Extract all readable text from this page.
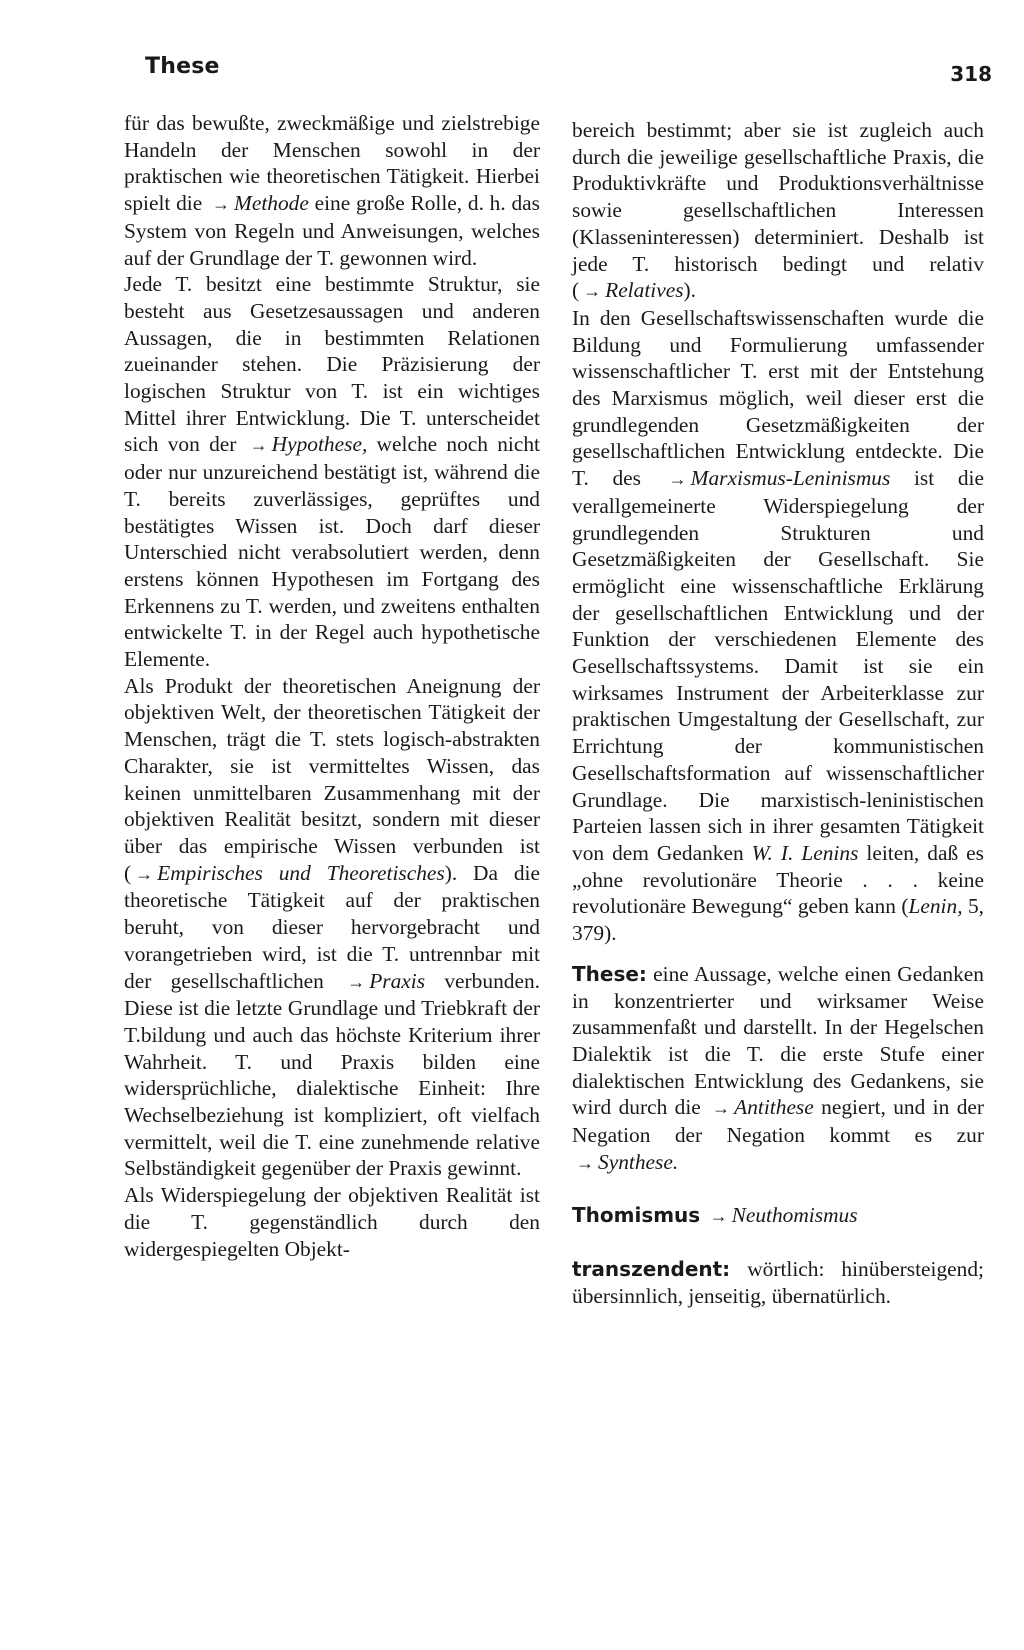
These	318

für das bewußte, zweckmäßige und zielstrebige Handeln der Menschen sowohl in der praktischen wie theoretischen Tätigkeit. Hierbei spielt die → Methode eine große Rolle, d. h. das System von Regeln und Anweisungen, welches auf der Grundlage der T. gewonnen wird.

Jede T. besitzt eine bestimmte Struktur, sie besteht aus Gesetzesaussagen und anderen Aussagen, die in bestimmten Relationen zueinander stehen. Die Präzisierung der logischen Struktur von T. ist ein wichtiges Mittel ihrer Entwicklung. Die T. unterscheidet sich von der → Hypothese, welche noch nicht oder nur unzureichend bestätigt ist, während die T. bereits zuverlässiges, geprüftes und bestätigtes Wissen ist. Doch darf dieser Unterschied nicht verabsolutiert werden, denn erstens können Hypothesen im Fortgang des Erkennens zu T. werden, und zweitens enthalten entwickelte T. in der Regel auch hypothetische Elemente.

Als Produkt der theoretischen Aneignung der objektiven Welt, der theoretischen Tätigkeit der Menschen, trägt die T. stets logisch-abstrakten Charakter, sie ist vermitteltes Wissen, das keinen unmittelbaren Zusammenhang mit der objektiven Realität besitzt, sondern mit dieser über das empirische Wissen verbunden ist ( → Empirisches und Theoretisches). Da die theoretische Tätigkeit auf der praktischen beruht, von dieser hervorgebracht und vorangetrieben wird, ist die T. untrennbar mit der gesellschaftlichen → Praxis verbunden. Diese ist die letzte Grundlage und Triebkraft der T.bildung und auch das höchste Kriterium ihrer Wahrheit. T. und Praxis bilden eine widersprüchliche, dialektische Einheit: Ihre Wechselbeziehung ist kompliziert, oft vielfach vermittelt, weil die T. eine zunehmende relative Selbständigkeit gegenüber der Praxis gewinnt.

Als Widerspiegelung der objektiven Realität ist die T. gegenständlich durch den widergespiegelten Objekt-

bereich bestimmt; aber sie ist zugleich auch durch die jeweilige gesellschaftliche Praxis, die Produktivkräfte und Produktionsverhältnisse sowie gesellschaftlichen Interessen (Klasseninteressen) determiniert. Deshalb ist jede T. historisch bedingt und relativ ( → Relatives).

In den Gesellschaftswissenschaften wurde die Bildung und Formulierung umfassender wissenschaftlicher T. erst mit der Entstehung des Marxismus möglich, weil dieser erst die grundlegenden Gesetzmäßigkeiten der gesellschaftlichen Entwicklung entdeckte. Die T. des → Marxismus-Leninismus ist die verallgemeinerte Widerspiegelung der grundlegenden Strukturen und Gesetzmäßigkeiten der Gesellschaft. Sie ermöglicht eine wissenschaftliche Erklärung der gesellschaftlichen Entwicklung und der Funktion der verschiedenen Elemente des Gesellschaftssystems. Damit ist sie ein wirksames Instrument der Arbeiterklasse zur praktischen Umgestaltung der Gesellschaft, zur Errichtung der kommunistischen Gesellschaftsformation auf wissenschaftlicher Grundlage. Die marxistisch-leninistischen Parteien lassen sich in ihrer gesamten Tätigkeit von dem Gedanken W. I. Lenins leiten, daß es „ohne revolutionäre Theorie . . . keine revolutionäre Bewegung“ geben kann (Lenin, 5, 379).

These: eine Aussage, welche einen Gedanken in konzentrierter und wirksamer Weise zusammenfaßt und darstellt. In der Hegelschen Dialektik ist die T. die erste Stufe einer dialektischen Entwicklung des Gedankens, sie wird durch die → Antithese negiert, und in der Negation der Negation kommt es zur → Synthese.

Thomismus → Neuthomismus

transzendent: wörtlich: hinübersteigend; übersinnlich, jenseitig, übernatürlich.
